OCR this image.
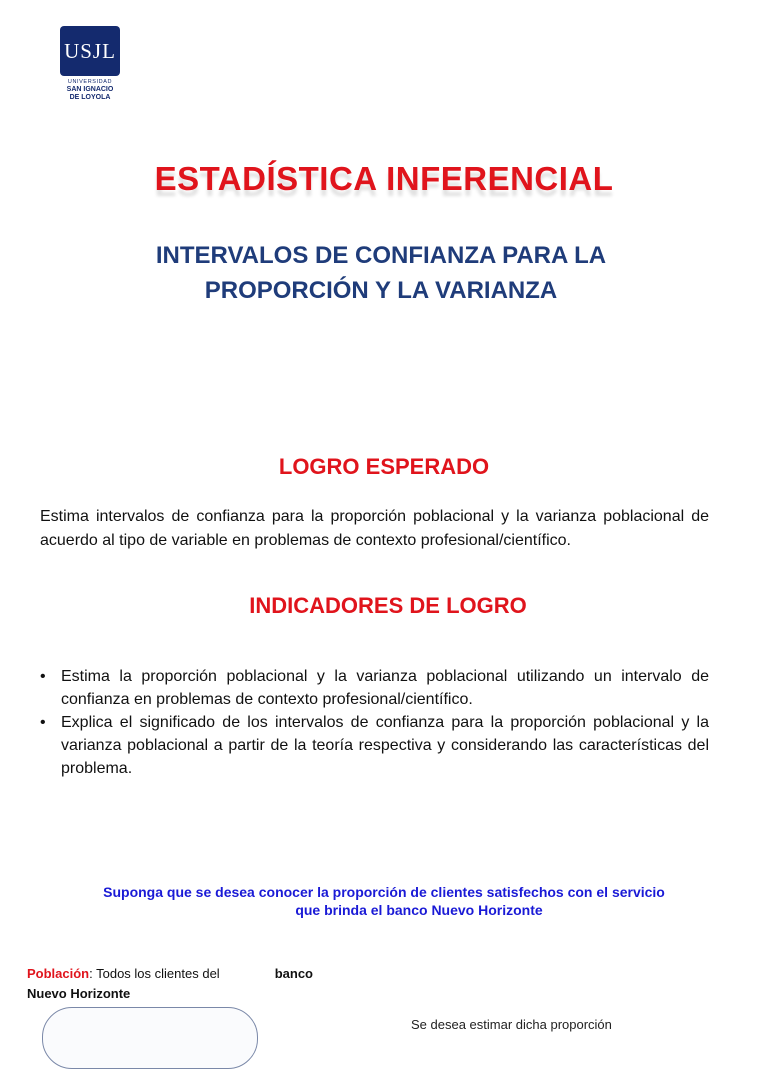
USJL
UNIVERSIDAD
SAN IGNACIO
DE LOYOLA
ESTADÍSTICA INFERENCIAL
INTERVALOS DE CONFIANZA PARA LA
PROPORCIÓN Y LA VARIANZA
LOGRO ESPERADO

Estima intervalos de confianza para la proporción poblacional y la varianza poblacional de acuerdo al tipo de variable en problemas de contexto profesional/científico.

INDICADORES DE LOGRO
• Estima la proporción poblacional y la varianza poblacional utilizando un intervalo de confianza en problemas de contexto profesional/científico.
• Explica el significado de los intervalos de confianza para la proporción poblacional y la varianza poblacional a partir de la teoría respectiva y considerando las características del problema.

Suponga que se desea conocer la proporción de clientes satisfechos con el servicio
que brinda el banco Nuevo Horizonte

Población: Todos los clientes del	banco
Nuevo Horizonte

Se desea estimar dicha proporción
